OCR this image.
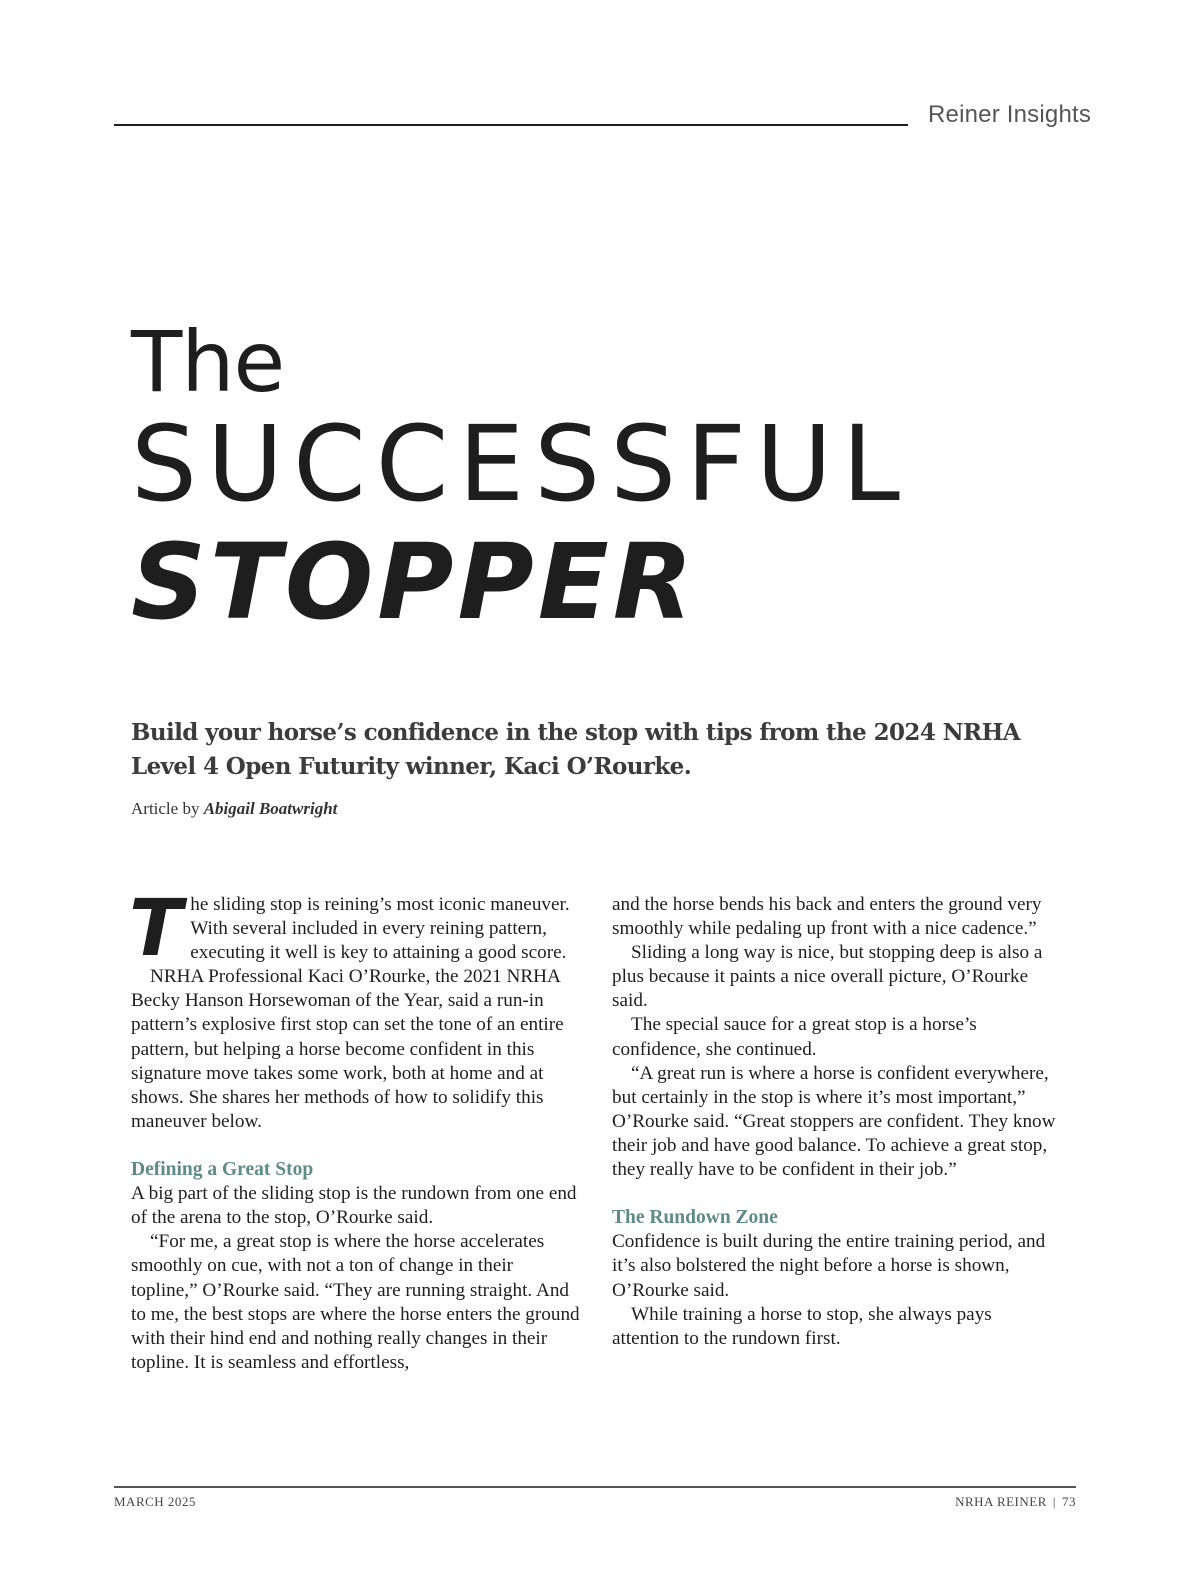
Reiner Insights
The
SUCCESSFUL
STOPPER
Build your horse’s confidence in the stop with tips from the 2024 NRHA Level 4 Open Futurity winner, Kaci O’Rourke.
Article by Abigail Boatwright

The sliding stop is reining’s most iconic maneuver. With several included in every reining pattern, executing it well is key to attaining a good score.

NRHA Professional Kaci O’Rourke, the 2021 NRHA Becky Hanson Horsewoman of the Year, said a run-in pattern’s explosive first stop can set the tone of an entire pattern, but helping a horse become confident in this signature move takes some work, both at home and at shows. She shares her methods of how to solidify this maneuver below.

Defining a Great Stop

A big part of the sliding stop is the rundown from one end of the arena to the stop, O’Rourke said.

“For me, a great stop is where the horse accelerates smoothly on cue, with not a ton of change in their topline,” O’Rourke said. “They are running straight. And to me, the best stops are where the horse enters the ground with their hind end and nothing really changes in their topline. It is seamless and effortless,

and the horse bends his back and enters the ground very smoothly while pedaling up front with a nice cadence.”

Sliding a long way is nice, but stopping deep is also a plus because it paints a nice overall picture, O’Rourke said.

The special sauce for a great stop is a horse’s confidence, she continued.

“A great run is where a horse is confident everywhere, but certainly in the stop is where it’s most important,” O’Rourke said. “Great stoppers are confident. They know their job and have good balance. To achieve a great stop, they really have to be confident in their job.”

The Rundown Zone

Confidence is built during the entire training period, and it’s also bolstered the night before a horse is shown, O’Rourke said.

While training a horse to stop, she always pays attention to the rundown first.

MARCH 2025	NRHA REINER | 73
